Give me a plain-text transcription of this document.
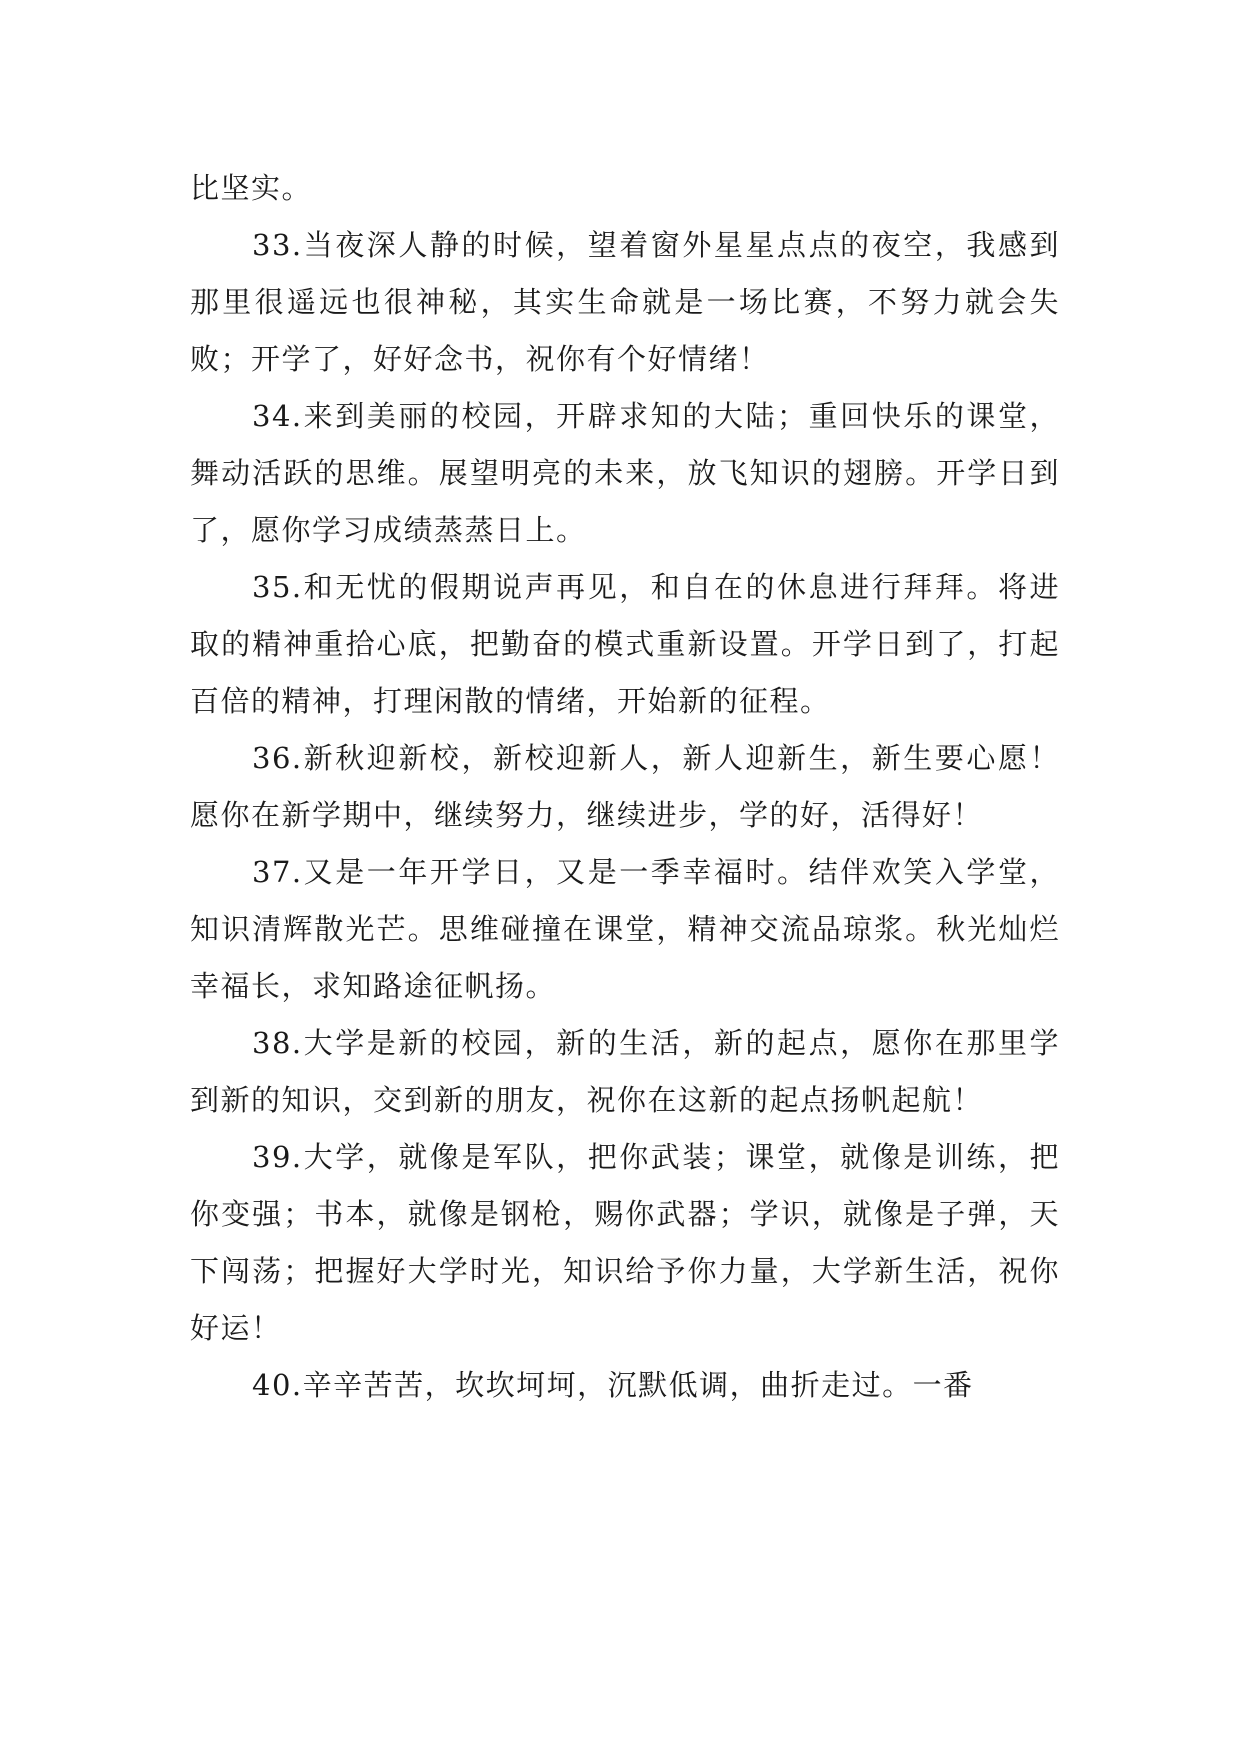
比坚实。

33.当夜深人静的时候，望着窗外星星点点的夜空，我感到那里很遥远也很神秘，其实生命就是一场比赛，不努力就会失败；开学了，好好念书，祝你有个好情绪！

34.来到美丽的校园，开辟求知的大陆；重回快乐的课堂，舞动活跃的思维。展望明亮的未来，放飞知识的翅膀。开学日到了，愿你学习成绩蒸蒸日上。

35.和无忧的假期说声再见，和自在的休息进行拜拜。将进取的精神重拾心底，把勤奋的模式重新设置。开学日到了，打起百倍的精神，打理闲散的情绪，开始新的征程。

36.新秋迎新校，新校迎新人，新人迎新生，新生要心愿！愿你在新学期中，继续努力，继续进步，学的好，活得好！

37.又是一年开学日，又是一季幸福时。结伴欢笑入学堂，知识清辉散光芒。思维碰撞在课堂，精神交流品琼浆。秋光灿烂幸福长，求知路途征帆扬。

38.大学是新的校园，新的生活，新的起点，愿你在那里学到新的知识，交到新的朋友，祝你在这新的起点扬帆起航！

39.大学，就像是军队，把你武装；课堂，就像是训练，把你变强；书本，就像是钢枪，赐你武器；学识，就像是子弹，天下闯荡；把握好大学时光，知识给予你力量，大学新生活，祝你好运！

40.辛辛苦苦，坎坎坷坷，沉默低调，曲折走过。一番
